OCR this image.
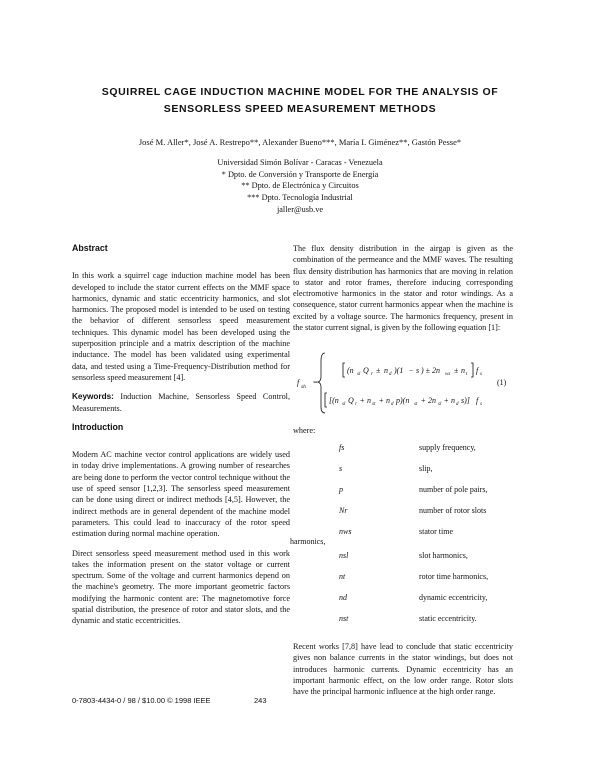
SQUIRREL CAGE INDUCTION MACHINE MODEL FOR THE ANALYSIS OF
SENSORLESS SPEED MEASUREMENT METHODS
José M. Aller*, José A. Restrepo**, Alexander Bueno***, María I. Giménez**, Gastón Pesse*
Universidad Simón Bolívar - Caracas - Venezuela
* Dpto. de Conversión y Transporte de Energía
** Dpto. de Electrónica y Circuitos
*** Dpto. Tecnología Industrial
jaller@usb.ve
Abstract

In this work a squirrel cage induction machine model has been developed to include the stator current effects on the MMF space harmonics, dynamic and static eccentricity harmonics, and slot harmonics. The proposed model is intended to be used on testing the behavior of different sensorless speed measurement techniques. This dynamic model has been developed using the superposition principle and a matrix description of the machine inductance. The model has been validated using experimental data, and tested using a Time-Frequency-Distribution method for sensorless speed measurement [4].

Keywords: Induction Machine, Sensorless Speed Control, Measurements.

Introduction

Modern AC machine vector control applications are widely used in today drive implementations. A growing number of researches are being done to perform the vector control technique without the use of speed sensor [1,2,3]. The sensorless speed measurement can be done using direct or indirect methods [4,5]. However, the indirect methods are in general dependent of the machine model parameters. This could lead to inaccuracy of the rotor speed estimation during normal machine operation.

Direct sensorless speed measurement method used in this work takes the information present on the stator voltage or current spectrum. Some of the voltage and current harmonics depend on the machine's geometry. The more important geometric factors modifying the harmonic content are: The magnetomotive force spatial distribution, the presence of rotor and stator slots, and the dynamic and static eccentricities.

The flux density distribution in the airgap is given as the combination of the permeance and the MMF waves. The resulting flux density distribution has harmonics that are moving in relation to stator and rotor frames, therefore inducing corresponding electromotive harmonics in the stator and rotor windings. As a consequence, stator current harmonics appear when the machine is excited by a voltage source. The harmonics frequency, present in the stator current signal, is given by the following equation [1]:

f sh =
(n sl Q r ± n d )(1 − s ) ± 2n ws ± n t f s
[(n sl Q r + n st + n d p)(n st + 2n sl + n d s)] f s
(1)
where:
fs	supply frequency,
s	slip,
p	number of pole pairs,
Nr	number of rotor slots
nws	stator time
harmonics,
nsl	slot harmonics,
nt	rotor time harmonics,
nd	dynamic eccentricity,
nst	static eccentricity.

Recent works [7,8] have lead to conclude that static eccentricity gives non balance currents in the stator windings, but does not introduces harmonic currents. Dynamic eccentricity has an important harmonic effect, on the low order range. Rotor slots have the principal harmonic influence at the high order range.

0-7803-4434-0 / 98 / $10.00 © 1998 IEEE	243
